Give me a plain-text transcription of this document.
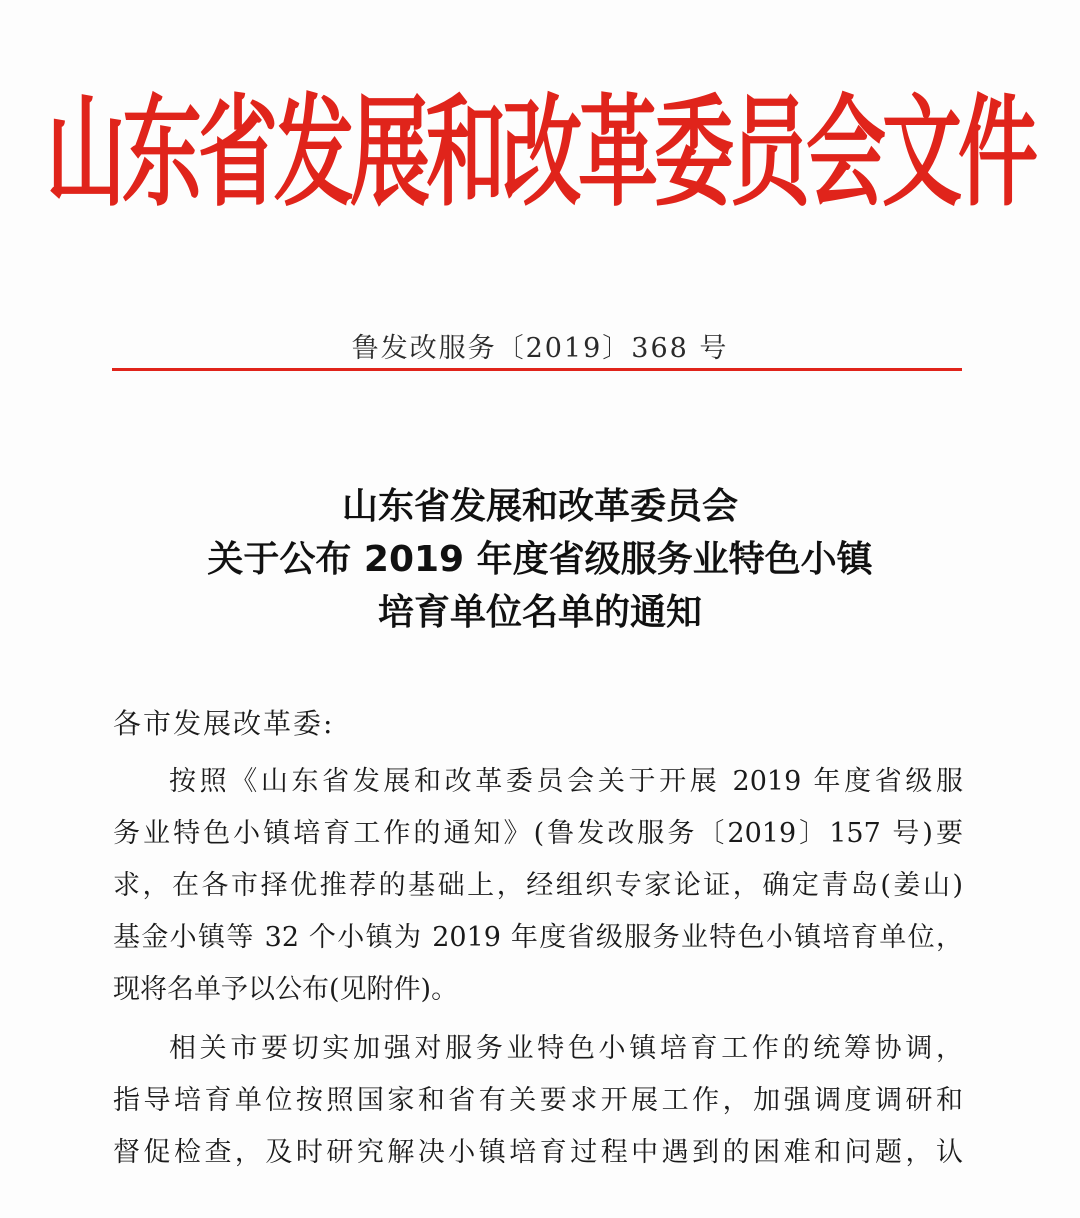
山东省发展和改革委员会文件
鲁发改服务〔2019〕368 号
山东省发展和改革委员会
关于公布 2019 年度省级服务业特色小镇
培育单位名单的通知
各市发展改革委:
按照《山东省发展和改革委员会关于开展 2019 年度省级服
务业特色小镇培育工作的通知》(鲁发改服务〔2019〕157 号)要
求，在各市择优推荐的基础上，经组织专家论证，确定青岛(姜山)
基金小镇等 32 个小镇为 2019 年度省级服务业特色小镇培育单位，
现将名单予以公布(见附件)。
相关市要切实加强对服务业特色小镇培育工作的统筹协调，
指导培育单位按照国家和省有关要求开展工作，加强调度调研和
督促检查，及时研究解决小镇培育过程中遇到的困难和问题，认
